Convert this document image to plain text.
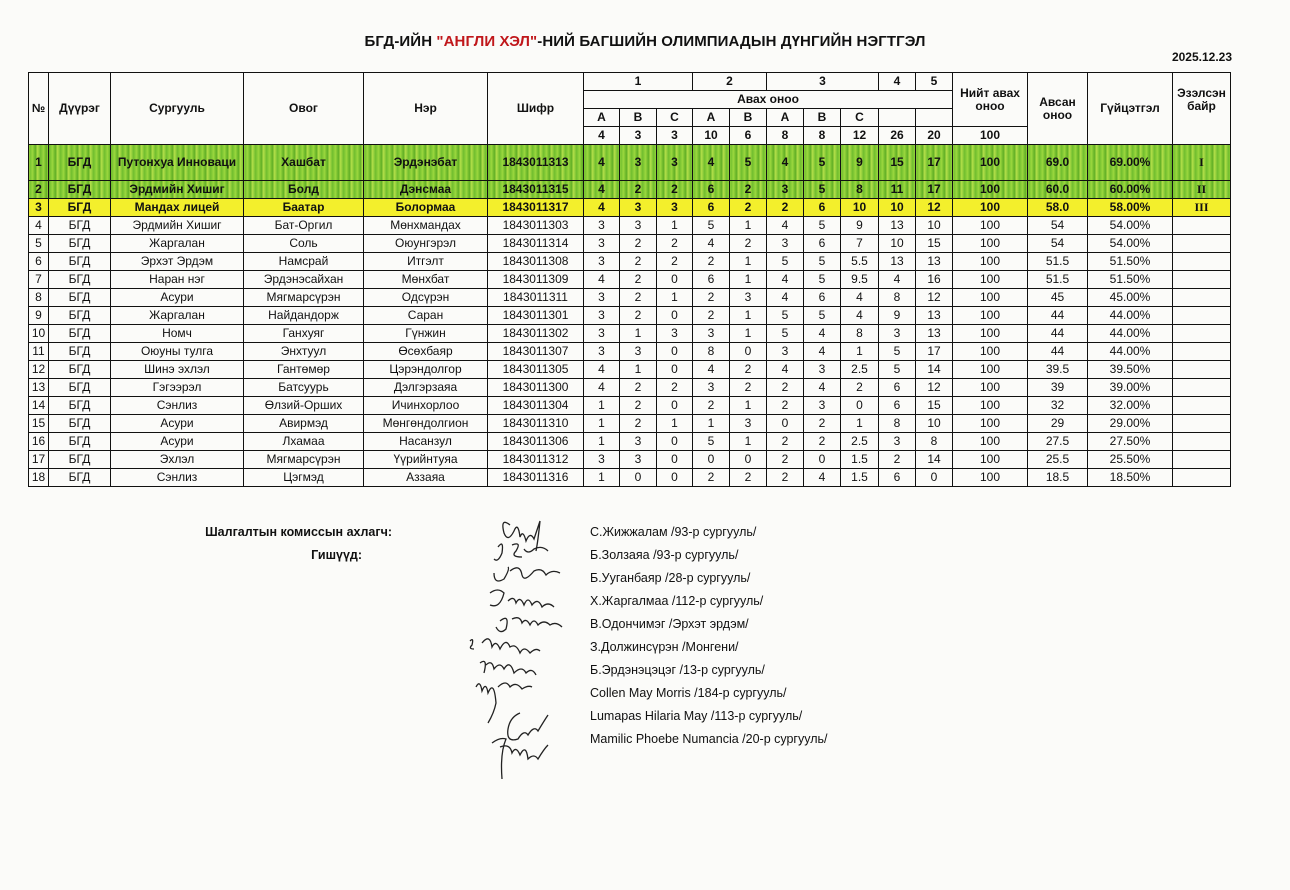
БГД-ИЙН "АНГЛИ ХЭЛ"-НИЙ БАГШИЙН ОЛИМПИАДЫН ДҮНГИЙН НЭГТГЭЛ
2025.12.23
№	Дүүрэг	Сургууль	Овог	Нэр	Шифр	1			2		3			4	5	Нийт авах оноо	Авсан оноо	Гүйцэтгэл	Эзэлсэн байр
						Авах оноо													
						A	B	C	A	B	A	B	C						
						4	3	3	10	6	8	8	12	26	20	100			
1	БГД	Путонхуа Инноваци	Хашбат	Эрдэнэбат	1843011313	4	3	3	4	5	4	5	9	15	17	100	69.0	69.00%	I
2	БГД	Эрдмийн Хишиг	Болд	Дэнсмаа	1843011315	4	2	2	6	2	3	5	8	11	17	100	60.0	60.00%	II
3	БГД	Мандах лицей	Баатар	Болормаа	1843011317	4	3	3	6	2	2	6	10	10	12	100	58.0	58.00%	III
4	БГД	Эрдмийн Хишиг	Бат-Оргил	Мөнхмандах	1843011303	3	3	1	5	1	4	5	9	13	10	100	54	54.00%	
5	БГД	Жаргалан	Соль	Оюунгэрэл	1843011314	3	2	2	4	2	3	6	7	10	15	100	54	54.00%	
6	БГД	Эрхэт Эрдэм	Намсрай	Итгэлт	1843011308	3	2	2	2	1	5	5	5.5	13	13	100	51.5	51.50%	
7	БГД	Наран нэг	Эрдэнэсайхан	Мөнхбат	1843011309	4	2	0	6	1	4	5	9.5	4	16	100	51.5	51.50%	
8	БГД	Асури	Мягмарсүрэн	Одсүрэн	1843011311	3	2	1	2	3	4	6	4	8	12	100	45	45.00%	
9	БГД	Жаргалан	Найдандорж	Саран	1843011301	3	2	0	2	1	5	5	4	9	13	100	44	44.00%	
10	БГД	Номч	Ганхуяг	Гүнжин	1843011302	3	1	3	3	1	5	4	8	3	13	100	44	44.00%	
11	БГД	Оюуны тулга	Энхтуул	Өсөхбаяр	1843011307	3	3	0	8	0	3	4	1	5	17	100	44	44.00%	
12	БГД	Шинэ эхлэл	Гантөмөр	Цэрэндолгор	1843011305	4	1	0	4	2	4	3	2.5	5	14	100	39.5	39.50%	
13	БГД	Гэгээрэл	Батсуурь	Дэлгэрзаяа	1843011300	4	2	2	3	2	2	4	2	6	12	100	39	39.00%	
14	БГД	Сэнлиз	Өлзий-Орших	Ичинхорлоо	1843011304	1	2	0	2	1	2	3	0	6	15	100	32	32.00%	
15	БГД	Асури	Авирмэд	Мөнгөндолгион	1843011310	1	2	1	1	3	0	2	1	8	10	100	29	29.00%	
16	БГД	Асури	Лхамаа	Насанзул	1843011306	1	3	0	5	1	2	2	2.5	3	8	100	27.5	27.50%	
17	БГД	Эхлэл	Мягмарсүрэн	Үүрийнтуяа	1843011312	3	3	0	0	0	2	0	1.5	2	14	100	25.5	25.50%	
18	БГД	Сэнлиз	Цэгмэд	Аззаяа	1843011316	1	0	0	2	2	2	4	1.5	6	0	100	18.5	18.50%	
Шалгалтын комиссын ахлагч:
Гишүүд:
С.Жижжалам /93-р сургууль/
Б.Золзаяа /93-р сургууль/
Б.Ууганбаяр /28-р сургууль/
Х.Жаргалмаа /112-р сургууль/
В.Одончимэг /Эрхэт эрдэм/
З.Должинсүрэн /Монгени/
Б.Эрдэнэцэцэг /13-р сургууль/
Collen May Morris /184-р сургууль/
Lumapas Hilaria May /113-р сургууль/
Mamilic Phoebe Numancia /20-р сургууль/
